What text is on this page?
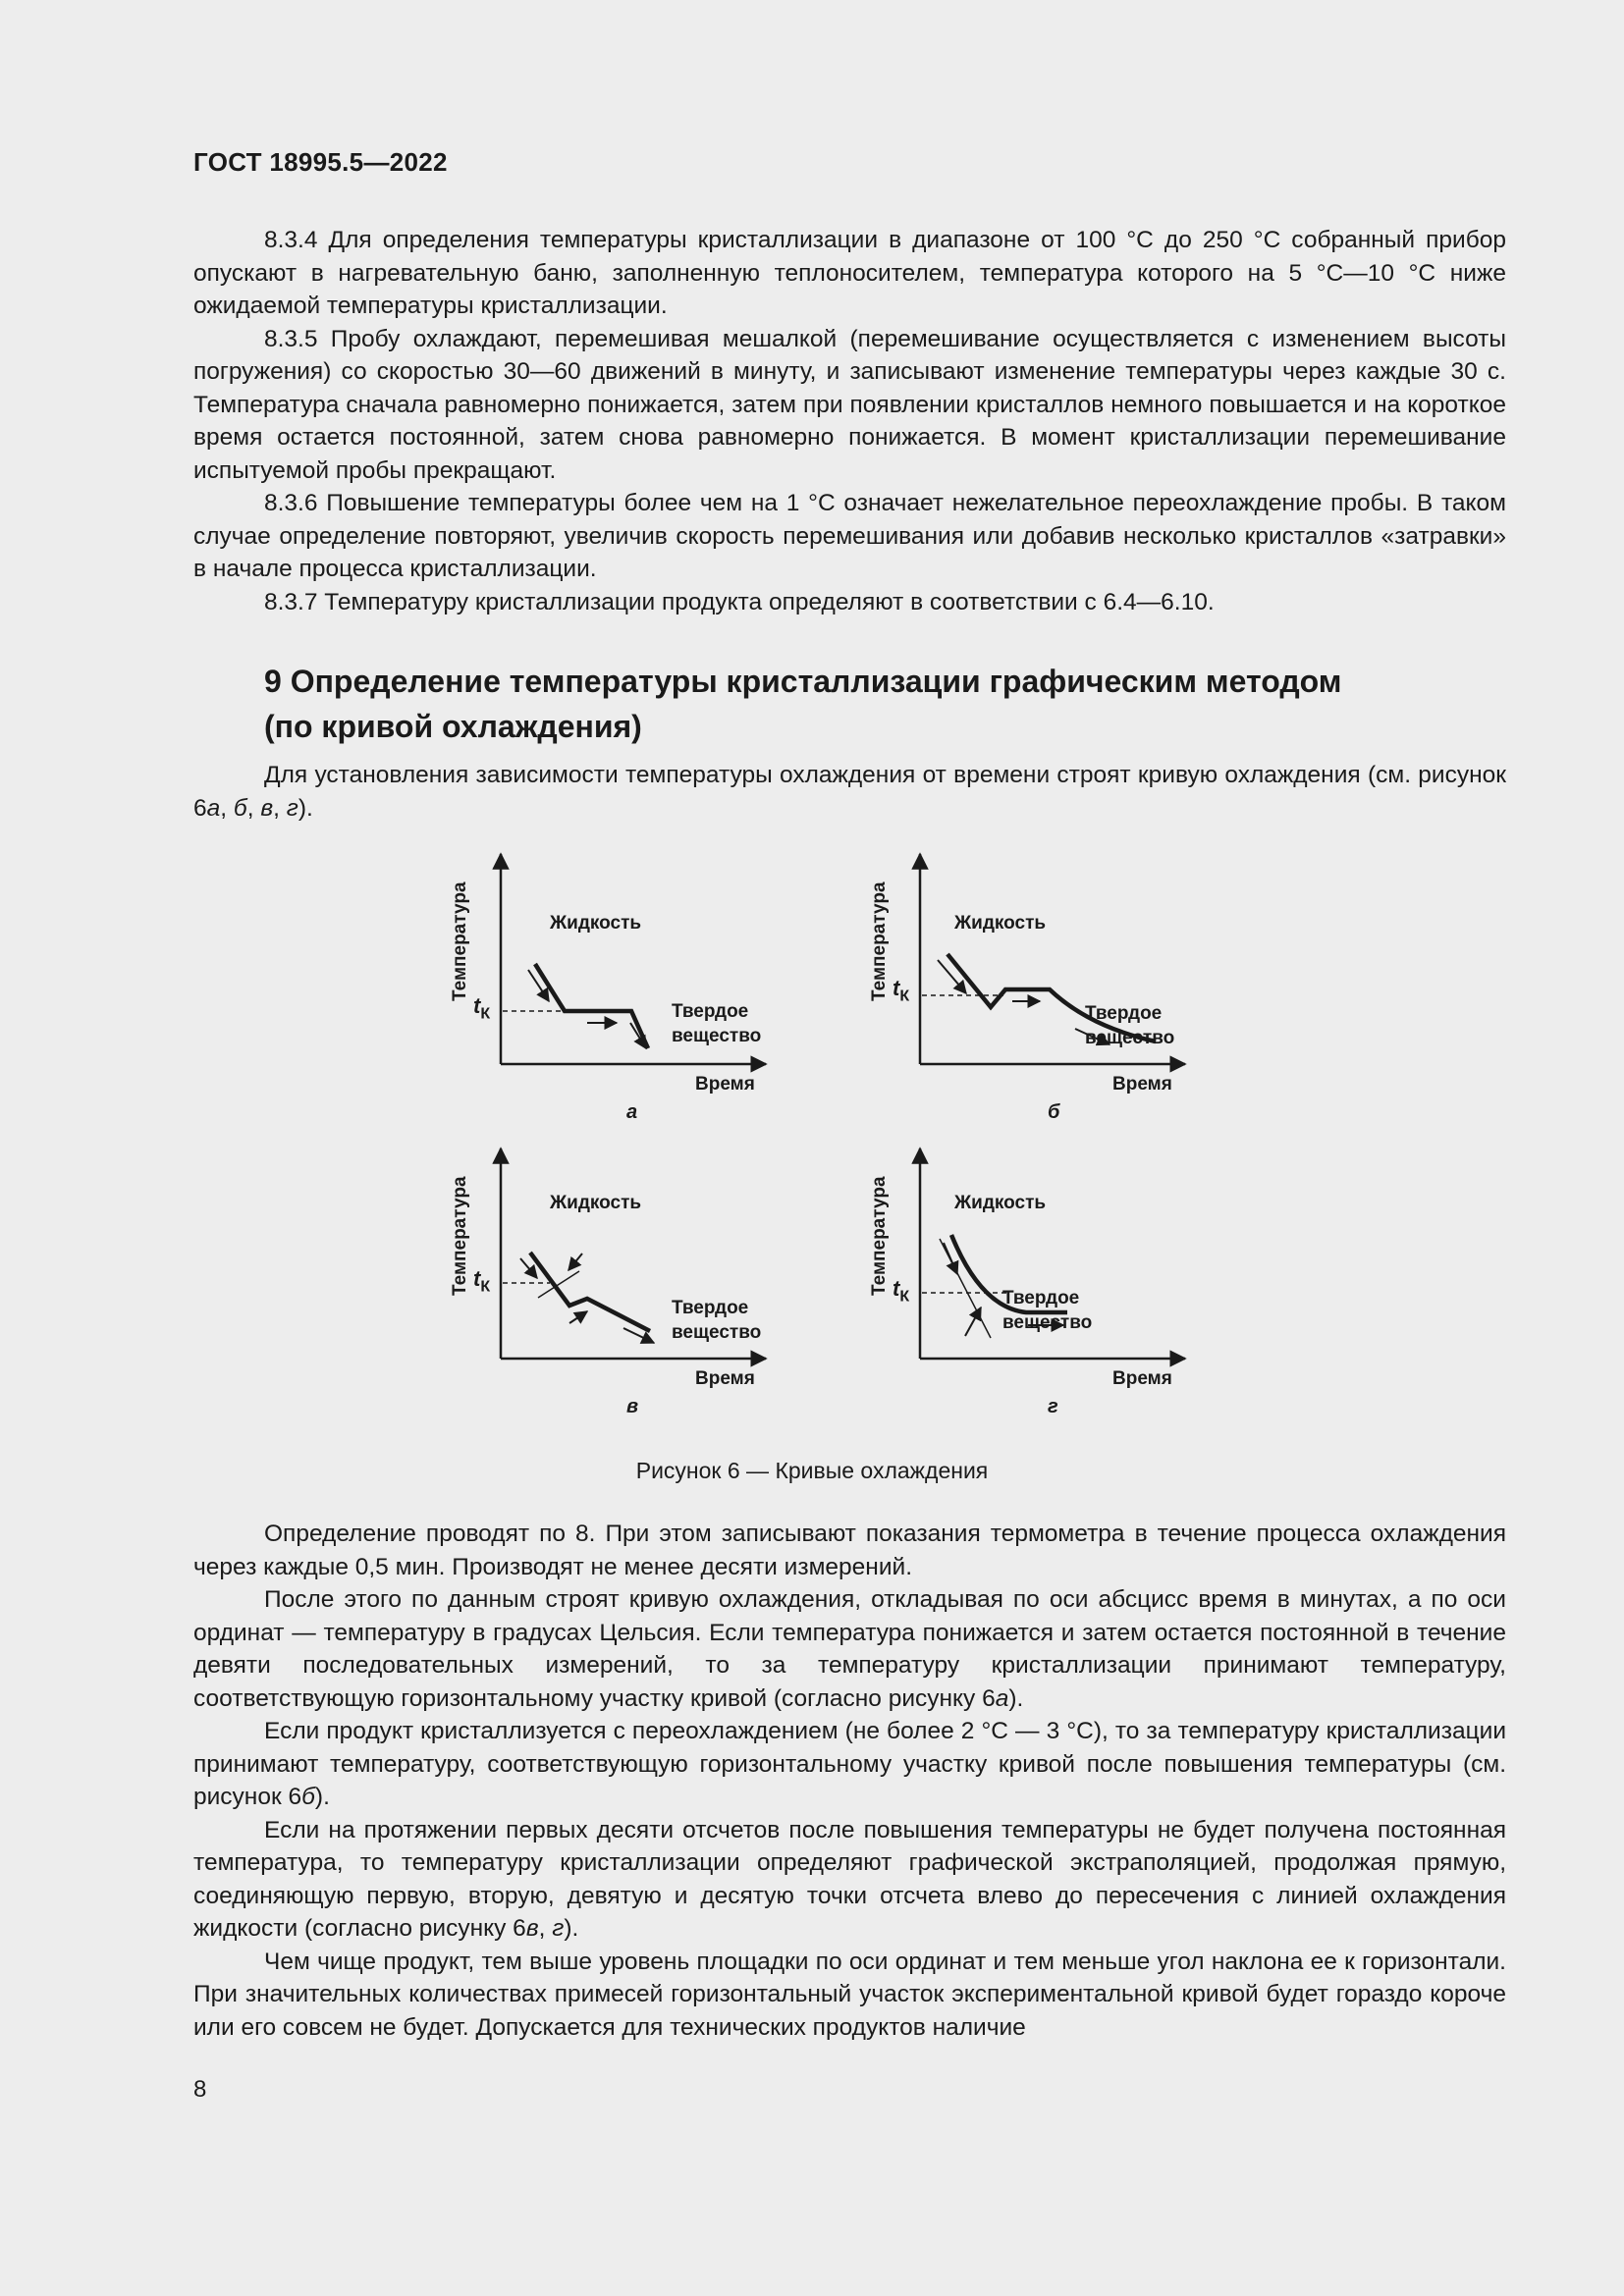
ГОСТ 18995.5—2022

8.3.4 Для определения температуры кристаллизации в диапазоне от 100 °С до 250 °С собранный прибор опускают в нагревательную баню, заполненную теплоносителем, температура которого на 5 °С—10 °С ниже ожидаемой температуры кристаллизации.

8.3.5 Пробу охлаждают, перемешивая мешалкой (перемешивание осуществляется с изменением высоты погружения) со скоростью 30—60 движений в минуту, и записывают изменение температуры через каждые 30 с. Температура сначала равномерно понижается, затем при появлении кристаллов немного повышается и на короткое время остается постоянной, затем снова равномерно понижается. В момент кристаллизации перемешивание испытуемой пробы прекращают.

8.3.6 Повышение температуры более чем на 1 °С означает нежелательное переохлаждение пробы. В таком случае определение повторяют, увеличив скорость перемешивания или добавив несколько кристаллов «затравки» в начале процесса кристаллизации.

8.3.7 Температуру кристаллизации продукта определяют в соответствии с 6.4—6.10.

9 Определение температуры кристаллизации графическим методом
(по кривой охлаждения)

Для установления зависимости температуры охлаждения от времени строят кривую охлаждения (см. рисунок 6а, б, в, г).

Температура	Жидкость
$t_К$	Твердое
вещество
Время
а
Температура	Жидкость
$t_К$
Твердое
вещество
Время
б
Температура	Жидкость
$t_К$
Твердое
вещество
Время
в
Температура	Жидкость
$t_К$	Твердое
вещество
Время
г
Рисунок 6 — Кривые охлаждения

Определение проводят по 8. При этом записывают показания термометра в течение процесса охлаждения через каждые 0,5 мин. Производят не менее десяти измерений.

После этого по данным строят кривую охлаждения, откладывая по оси абсцисс время в минутах, а по оси ординат — температуру в градусах Цельсия. Если температура понижается и затем остается постоянной в течение девяти последовательных измерений, то за температуру кристаллизации принимают температуру, соответствующую горизонтальному участку кривой (согласно рисунку 6а).

Если продукт кристаллизуется с переохлаждением (не более 2 °С — 3 °С), то за температуру кристаллизации принимают температуру, соответствующую горизонтальному участку кривой после повышения температуры (см. рисунок 6б).

Если на протяжении первых десяти отсчетов после повышения температуры не будет получена постоянная температура, то температуру кристаллизации определяют графической экстраполяцией, продолжая прямую, соединяющую первую, вторую, девятую и десятую точки отсчета влево до пересечения с линией охлаждения жидкости (согласно рисунку 6в, г).

Чем чище продукт, тем выше уровень площадки по оси ординат и тем меньше угол наклона ее к горизонтали. При значительных количествах примесей горизонтальный участок экспериментальной кривой будет гораздо короче или его совсем не будет. Допускается для технических продуктов наличие

8
